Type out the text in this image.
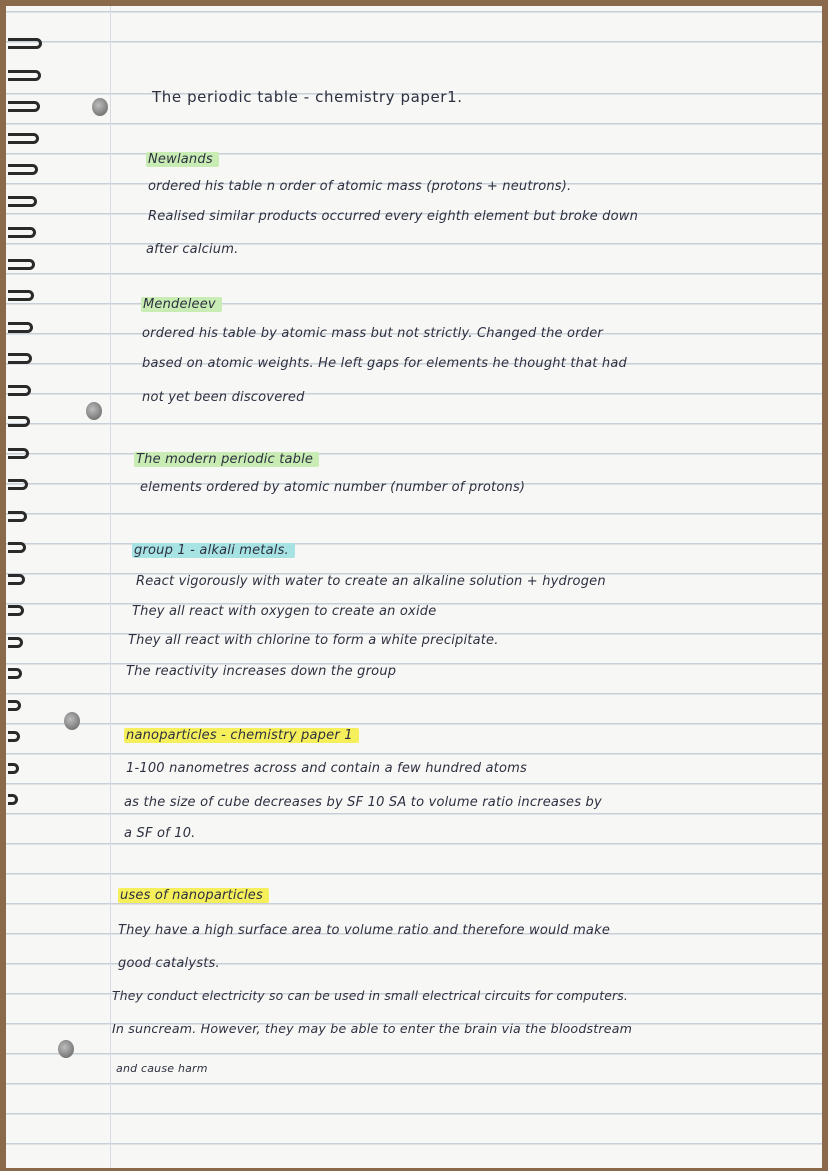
The periodic table - chemistry paper1.

Newlands

ordered his table n order of atomic mass (protons + neutrons).

Realised similar products occurred every eighth element but broke down

after calcium.

Mendeleev

ordered his table by atomic mass but not strictly. Changed the order

based on atomic weights. He left gaps for elements he thought that had

not yet been discovered

The modern periodic table

elements ordered by atomic number (number of protons)

group 1 - alkali metals.

React vigorously with water to create an alkaline solution + hydrogen

They all react with oxygen to create an oxide

They all react with chlorine to form a white precipitate.

The reactivity increases down the group

nanoparticles - chemistry paper 1

1-100 nanometres across and contain a few hundred atoms

as the size of cube decreases by SF 10 SA to volume ratio increases by

a SF of 10.

uses of nanoparticles

They have a high surface area to volume ratio and therefore would make

good catalysts.

They conduct electricity so can be used in small electrical circuits for computers.

In suncream. However, they may be able to enter the brain via the bloodstream

and cause harm
